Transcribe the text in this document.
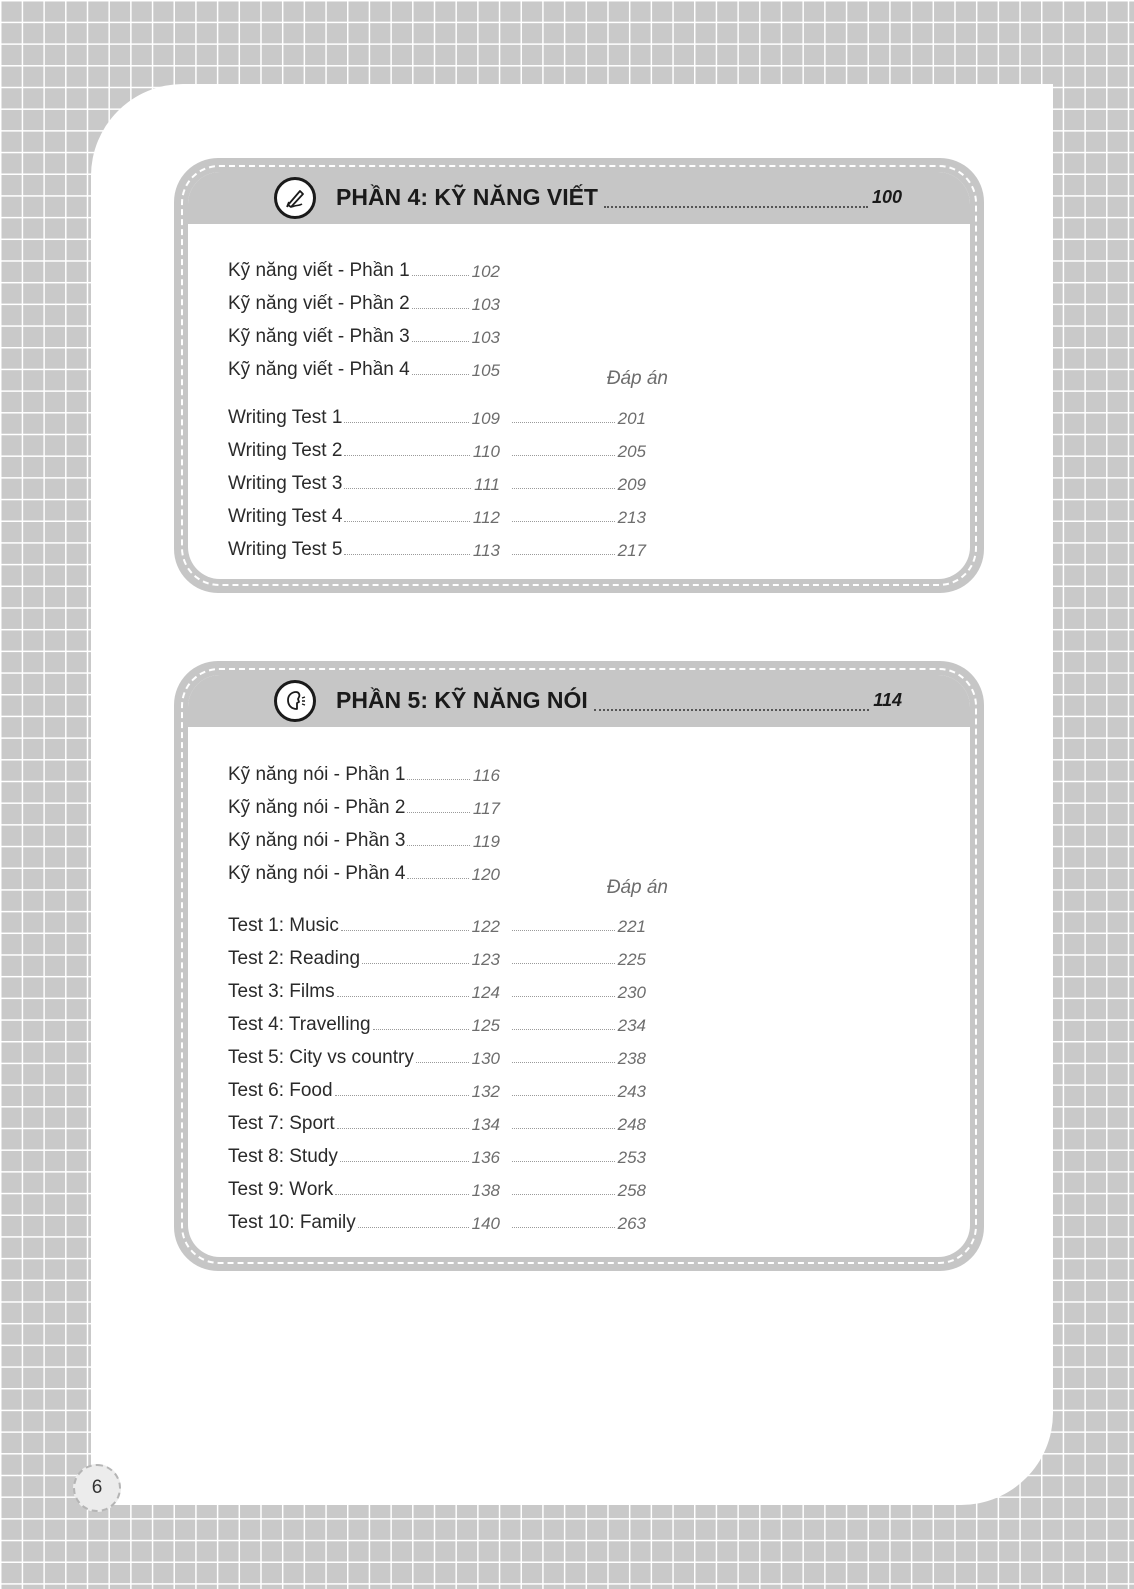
PHẦN 4: KỸ NĂNG VIẾT	100
Kỹ năng viết - Phần 1	102
Kỹ năng viết - Phần 2	103
Kỹ năng viết - Phần 3	103
Kỹ năng viết - Phần 4	105	Đáp án
Writing Test 1	109	201
Writing Test 2	110	205
Writing Test 3	111	209
Writing Test 4	112	213
Writing Test 5	113	217
PHẦN 5: KỸ NĂNG NÓI	114
Kỹ năng nói - Phần 1	116
Kỹ năng nói - Phần 2	117
Kỹ năng nói - Phần 3	119
Kỹ năng nói - Phần 4	120
Đáp án
Test 1: Music	122	221
Test 2: Reading	123	225
Test 3: Films	124	230
Test 4: Travelling	125	234
Test 5: City vs country	130	238
Test 6: Food	132	243
Test 7: Sport	134	248
Test 8: Study	136	253
Test 9: Work	138	258
Test 10: Family	140	263
6
